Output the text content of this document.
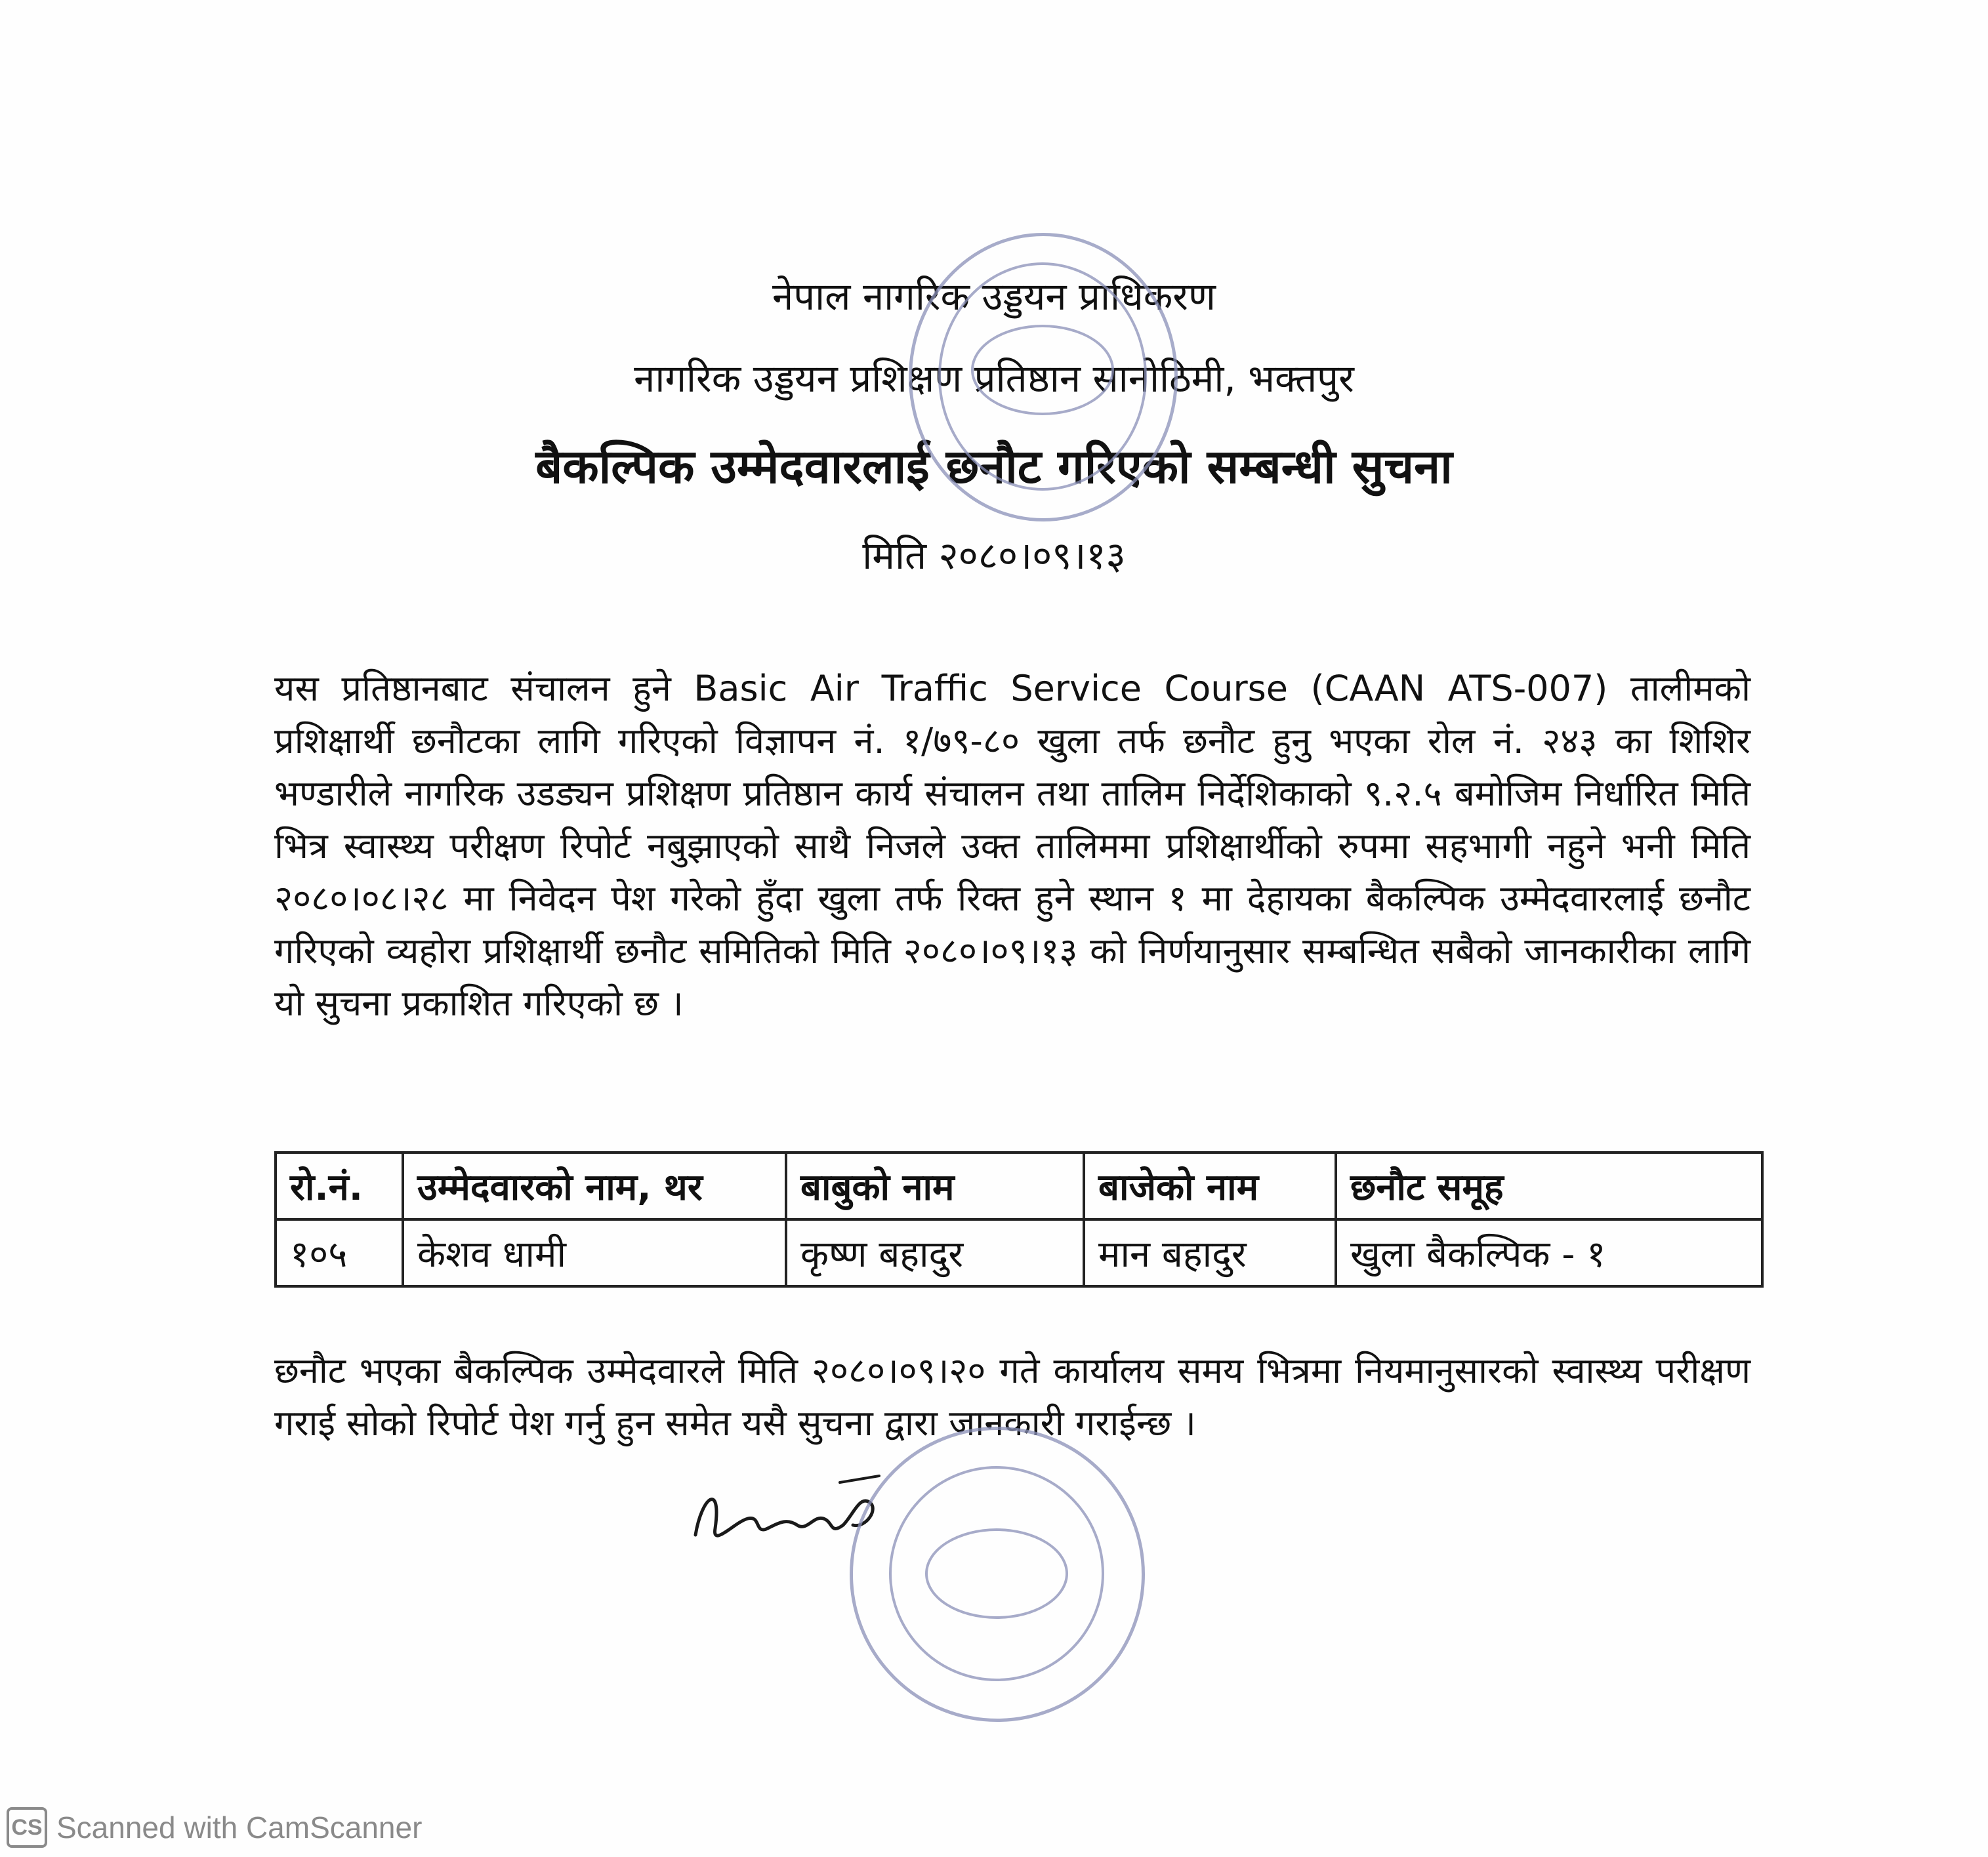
नेपाल नागरिक उड्डयन प्राधिकरण
नागरिक उड्डयन प्रशिक्षण प्रतिष्ठान सानोठिमी, भक्तपुर
बैकल्पिक उम्मेदवारलाई छनौट गरिएको सम्बन्धी सुचना
मिति २०८०।०९।१३
यस प्रतिष्ठानबाट संचालन हुने Basic Air Traffic Service Course (CAAN ATS-007) तालीमको प्रशिक्षार्थी छनौटका लागि गरिएको विज्ञापन नं. १/७९-८० खुला तर्फ छनौट हुनु भएका रोल नं. २४३ का शिशिर भण्डारीले नागरिक उडड्यन प्रशिक्षण प्रतिष्ठान कार्य संचालन तथा तालिम निर्देशिकाको ९.२.५ बमोजिम निर्धारित मिति भित्र स्वास्थ्य परीक्षण रिपोर्ट नबुझाएको साथै निजले उक्त तालिममा प्रशिक्षार्थीको रुपमा सहभागी नहुने भनी मिति २०८०।०८।२८ मा निवेदन पेश गरेको हुँदा खुला तर्फ रिक्त हुने स्थान १ मा देहायका बैकल्पिक उम्मेदवारलाई छनौट गरिएको व्यहोरा प्रशिक्षार्थी छनौट समितिको मिति २०८०।०९।१३ को निर्णयानुसार सम्बन्धित सबैको जानकारीका लागि यो सुचना प्रकाशित गरिएको छ ।
रो.नं.	उम्मेदवारको नाम, थर	बाबुको नाम	बाजेको नाम	छनौट समूह
१०५	केशव धामी	कृष्ण बहादुर	मान बहादुर	खुला बैकल्पिक - १
छनौट भएका बैकल्पिक उम्मेदवारले मिति २०८०।०९।२० गते कार्यालय समय भित्रमा नियमानुसारको स्वास्थ्य परीक्षण गराई सोको रिपोर्ट पेश गर्नु हुन समेत यसै सुचना द्वारा जानकारी गराईन्छ ।
CS Scanned with CamScanner
